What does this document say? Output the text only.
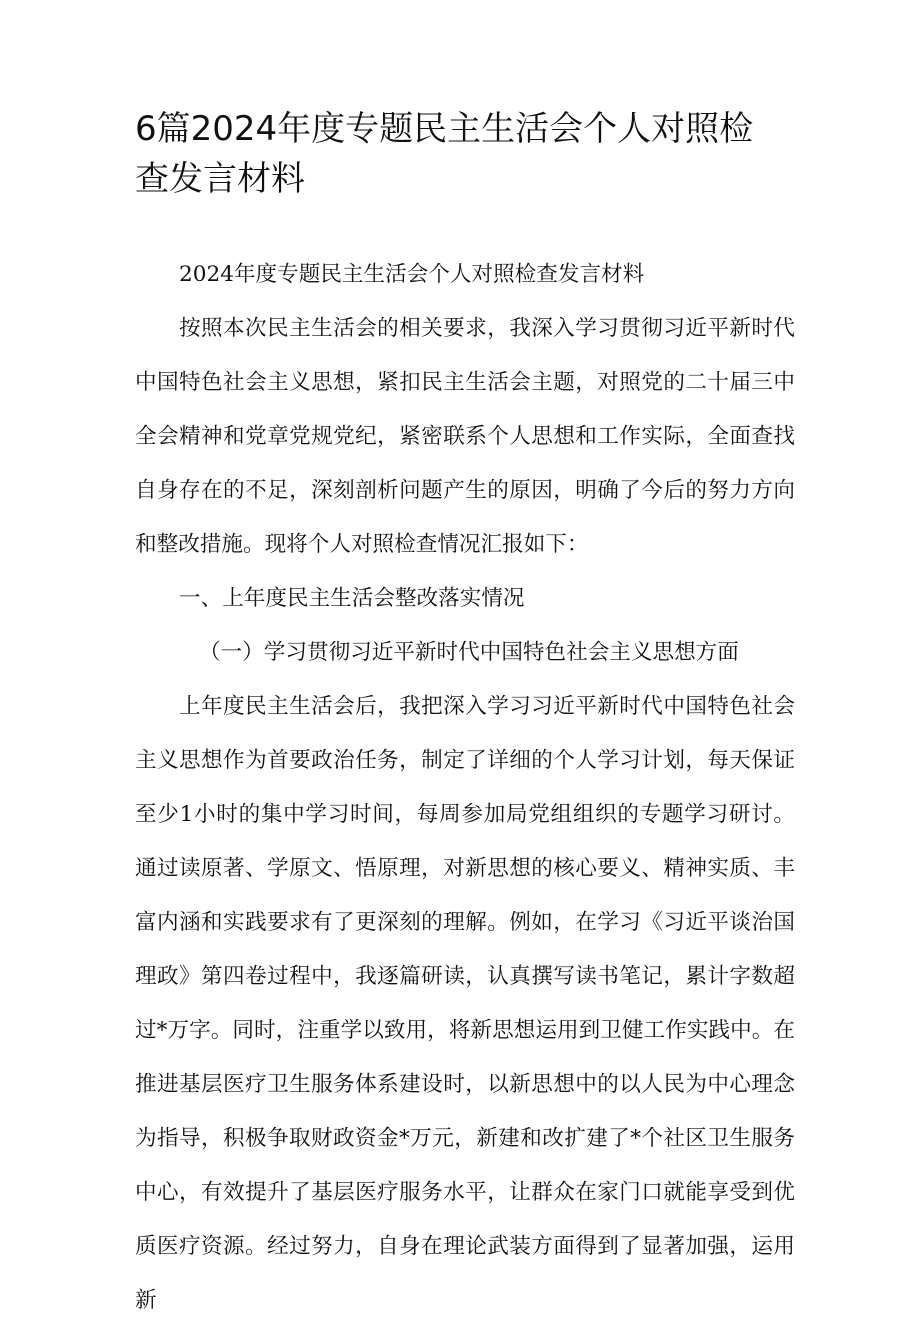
6篇2024年度专题民主生活会个人对照检查发言材料

2024年度专题民主生活会个人对照检查发言材料

按照本次民主生活会的相关要求，我深入学习贯彻习近平新时代中国特色社会主义思想，紧扣民主生活会主题，对照党的二十届三中全会精神和党章党规党纪，紧密联系个人思想和工作实际，全面查找自身存在的不足，深刻剖析问题产生的原因，明确了今后的努力方向和整改措施。现将个人对照检查情况汇报如下：

一、上年度民主生活会整改落实情况

（一）学习贯彻习近平新时代中国特色社会主义思想方面

上年度民主生活会后，我把深入学习习近平新时代中国特色社会主义思想作为首要政治任务，制定了详细的个人学习计划，每天保证至少1小时的集中学习时间，每周参加局党组组织的专题学习研讨。通过读原著、学原文、悟原理，对新思想的核心要义、精神实质、丰富内涵和实践要求有了更深刻的理解。例如，在学习《习近平谈治国理政》第四卷过程中，我逐篇研读，认真撰写读书笔记，累计字数超过*万字。同时，注重学以致用，将新思想运用到卫健工作实践中。在推进基层医疗卫生服务体系建设时，以新思想中的以人民为中心理念为指导，积极争取财政资金*万元，新建和改扩建了*个社区卫生服务中心，有效提升了基层医疗服务水平，让群众在家门口就能享受到优质医疗资源。经过努力，自身在理论武装方面得到了显著加强，运用新
